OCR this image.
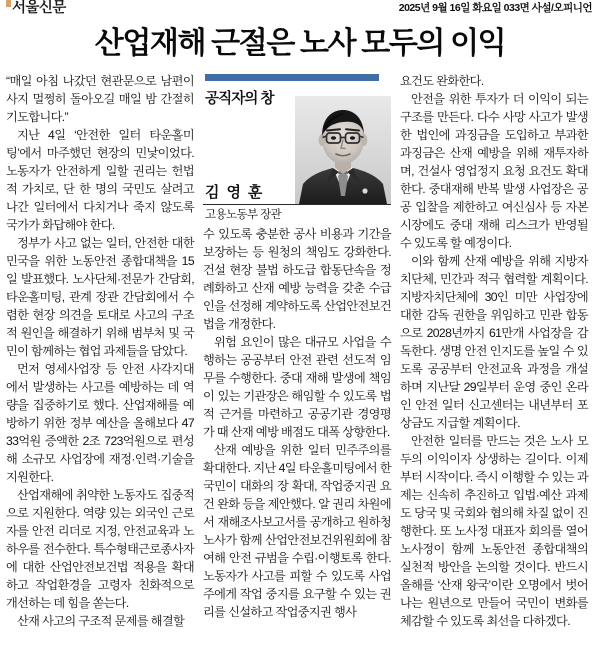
서울신문	2025년 9월 16일 화요일 033면 사설/오피니언
산업재해 근절은 노사 모두의 이익

“매일 아침 나갔던 현관문으로 남편이 사지 멀쩡히 돌아오길 매일 밤 간절히 기도합니다.”

지난 4일 ‘안전한 일터 타운홀미팅’에서 마주했던 현장의 민낯이었다. 노동자가 안전하게 일할 권리는 헌법적 가치로, 단 한 명의 국민도 살려고 나간 일터에서 다치거나 죽지 않도록 국가가 화답해야 한다.

정부가 사고 없는 일터, 안전한 대한민국을 위한 노동안전 종합대책을 15일 발표했다. 노사단체·전문가 간담회, 타운홀미팅, 관계 장관 간담회에서 수렴한 현장 의견을 토대로 사고의 구조적 원인을 해결하기 위해 범부처 및 국민이 함께하는 협업 과제들을 담았다.

먼저 영세사업장 등 안전 사각지대에서 발생하는 사고를 예방하는 데 역량을 집중하기로 했다. 산업재해를 예방하기 위한 정부 예산을 올해보다 4733억원 증액한 2조 723억원으로 편성해 소규모 사업장에 재정·인력·기술을 지원한다.

산업재해에 취약한 노동자도 집중적으로 지원한다. 역량 있는 외국인 근로자를 안전 리더로 지정, 안전교육과 노하우를 전수한다. 특수형태근로종사자에 대한 산업안전보건법 적용을 확대하고 작업환경을 고령자 친화적으로 개선하는 데 힘을 쏟는다.

산재 사고의 구조적 문제를 해결할

공직자의 창
김 영 훈
고용노동부 장관

수 있도록 충분한 공사 비용과 기간을 보장하는 등 원청의 책임도 강화한다. 건설 현장 불법 하도급 합동단속을 정례화하고 산재 예방 능력을 갖춘 수급인을 선정해 계약하도록 산업안전보건법을 개정한다.

위험 요인이 많은 대규모 사업을 수행하는 공공부터 안전 관련 선도적 임무를 수행한다. 중대 재해 발생에 책임이 있는 기관장은 해임할 수 있도록 법적 근거를 마련하고 공공기관 경영평가 때 산재 예방 배점도 대폭 상향한다.

산재 예방을 위한 일터 민주주의를 확대한다. 지난 4일 타운홀미팅에서 한 국민이 대화의 장 확대, 작업중지권 요건 완화 등을 제안했다. 알 권리 차원에서 재해조사보고서를 공개하고 원하청 노사가 함께 산업안전보건위원회에 참여해 안전 규범을 수립·이행토록 한다. 노동자가 사고를 피할 수 있도록 사업주에게 작업 중지를 요구할 수 있는 권리를 신설하고 작업중지권 행사

요건도 완화한다.

안전을 위한 투자가 더 이익이 되는 구조를 만든다. 다수 사망 사고가 발생한 법인에 과징금을 도입하고 부과한 과징금은 산재 예방을 위해 재투자하며, 건설사 영업정지 요청 요건도 확대한다. 중대재해 반복 발생 사업장은 공공 입찰을 제한하고 여신심사 등 자본시장에도 중대 재해 리스크가 반영될 수 있도록 할 예정이다.

이와 함께 산재 예방을 위해 지방자치단체, 민간과 적극 협력할 계획이다. 지방자치단체에 30인 미만 사업장에 대한 감독 권한을 위임하고 민관 합동으로 2028년까지 61만개 사업장을 감독한다. 생명 안전 인지도를 높일 수 있도록 공공부터 안전교육 과정을 개설하며 지난달 29일부터 운영 중인 온라인 안전 일터 신고센터는 내년부터 포상금도 지급할 계획이다.

안전한 일터를 만드는 것은 노사 모두의 이익이자 상생하는 길이다. 이제부터 시작이다. 즉시 이행할 수 있는 과제는 신속히 추진하고 입법·예산 과제도 당국 및 국회와 협의해 차질 없이 진행한다. 또 노사정 대표자 회의를 열어 노사정이 함께 노동안전 종합대책의 실천적 방안을 논의할 것이다. 반드시 올해를 ‘산재 왕국’이란 오명에서 벗어나는 원년으로 만들어 국민이 변화를 체감할 수 있도록 최선을 다하겠다.
